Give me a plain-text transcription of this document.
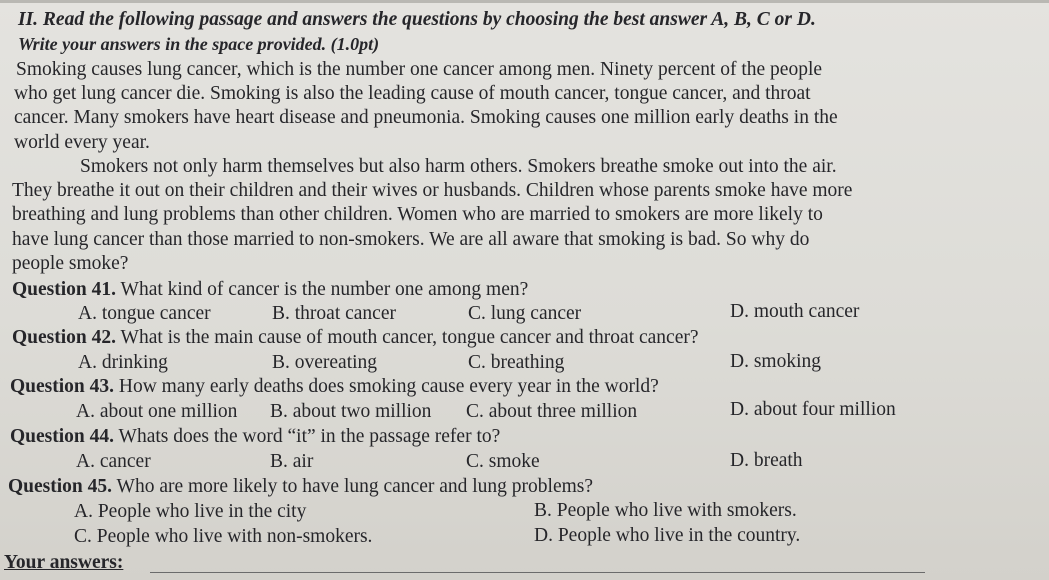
II. Read the following passage and answers the questions by choosing the best answer A, B, C or D.
Write your answers in the space provided. (1.0pt)
Smoking causes lung cancer, which is the number one cancer among men. Ninety percent of the people
who get lung cancer die. Smoking is also the leading cause of mouth cancer, tongue cancer, and throat
cancer. Many smokers have heart disease and pneumonia. Smoking causes one million early deaths in the
world every year.
Smokers not only harm themselves but also harm others. Smokers breathe smoke out into the air.
They breathe it out on their children and their wives or husbands. Children whose parents smoke have more
breathing and lung problems than other children. Women who are married to smokers are more likely to
have lung cancer than those married to non-smokers. We are all aware that smoking is bad. So why do
people smoke?
Question 41. What kind of cancer is the number one among men?
A. tongue cancer	B. throat cancer	C. lung cancer	D. mouth cancer
Question 42. What is the main cause of mouth cancer, tongue cancer and throat cancer?
A. drinking	B. overeating	C. breathing	D. smoking
Question 43. How many early deaths does smoking cause every year in the world?
A. about one million B. about two million C. about three million	D. about four million
Question 44. Whats does the word “it” in the passage refer to?
A. cancer	B. air	C. smoke	D. breath
Question 45. Who are more likely to have lung cancer and lung problems?
A. People who live in the city	B. People who live with smokers.
C. People who live with non-smokers.	D. People who live in the country.
Your answers:
